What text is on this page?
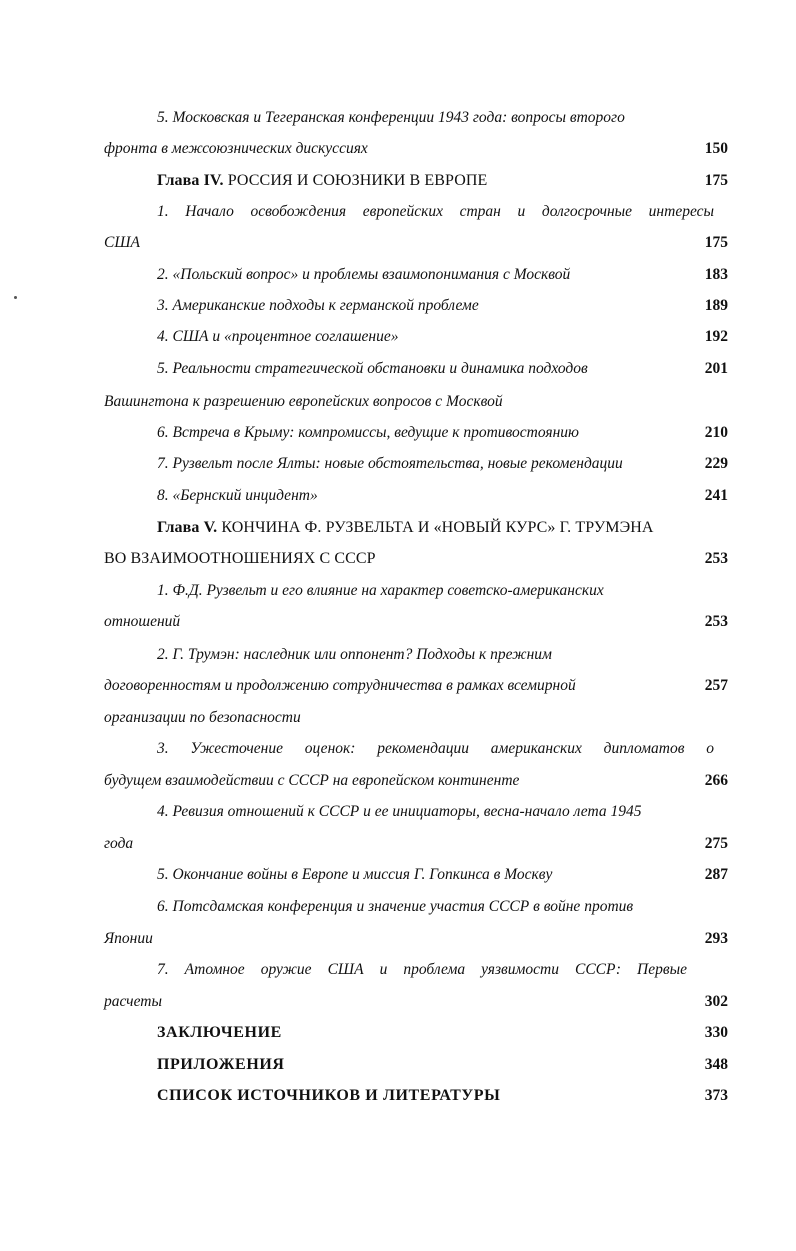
5. Московская и Тегеранская конференции 1943 года: вопросы второго
фронта в межсоюзнических дискуссиях	150
Глава IV. РОССИЯ И СОЮЗНИКИ В ЕВРОПЕ	175
1. Начало освобождения европейских стран и долгосрочные интересы
США	175
2. «Польский вопрос» и проблемы взаимопонимания с Москвой	183
3. Американские подходы к германской проблеме	189
4. США и «процентное соглашение»	192
5. Реальности стратегической обстановки и динамика подходов	201
Вашингтона к разрешению европейских вопросов с Москвой
6. Встреча в Крыму: компромиссы, ведущие к противостоянию	210
7. Рузвельт после Ялты: новые обстоятельства, новые рекомендации	229
8. «Бернский инцидент»	241
Глава V. КОНЧИНА Ф. РУЗВЕЛЬТА И «НОВЫЙ КУРС» Г. ТРУМЭНА
ВО ВЗАИМООТНОШЕНИЯХ С СССР	253
1. Ф.Д. Рузвельт и его влияние на характер советско-американских
отношений	253
2. Г. Трумэн: наследник или оппонент? Подходы к прежним
договоренностям и продолжению сотрудничества в рамках всемирной	257
организации по безопасности
3. Ужесточение оценок: рекомендации американских дипломатов о
будущем взаимодействии с СССР на европейском континенте	266
4. Ревизия отношений к СССР и ее инициаторы, весна-начало лета 1945
года	275
5. Окончание войны в Европе и миссия Г. Гопкинса в Москву	287
6. Потсдамская конференция и значение участия СССР в войне против
Японии	293
7. Атомное оружие США и проблема уязвимости СССР: Первые
расчеты	302
ЗАКЛЮЧЕНИЕ	330
ПРИЛОЖЕНИЯ	348
СПИСОК ИСТОЧНИКОВ И ЛИТЕРАТУРЫ	373
